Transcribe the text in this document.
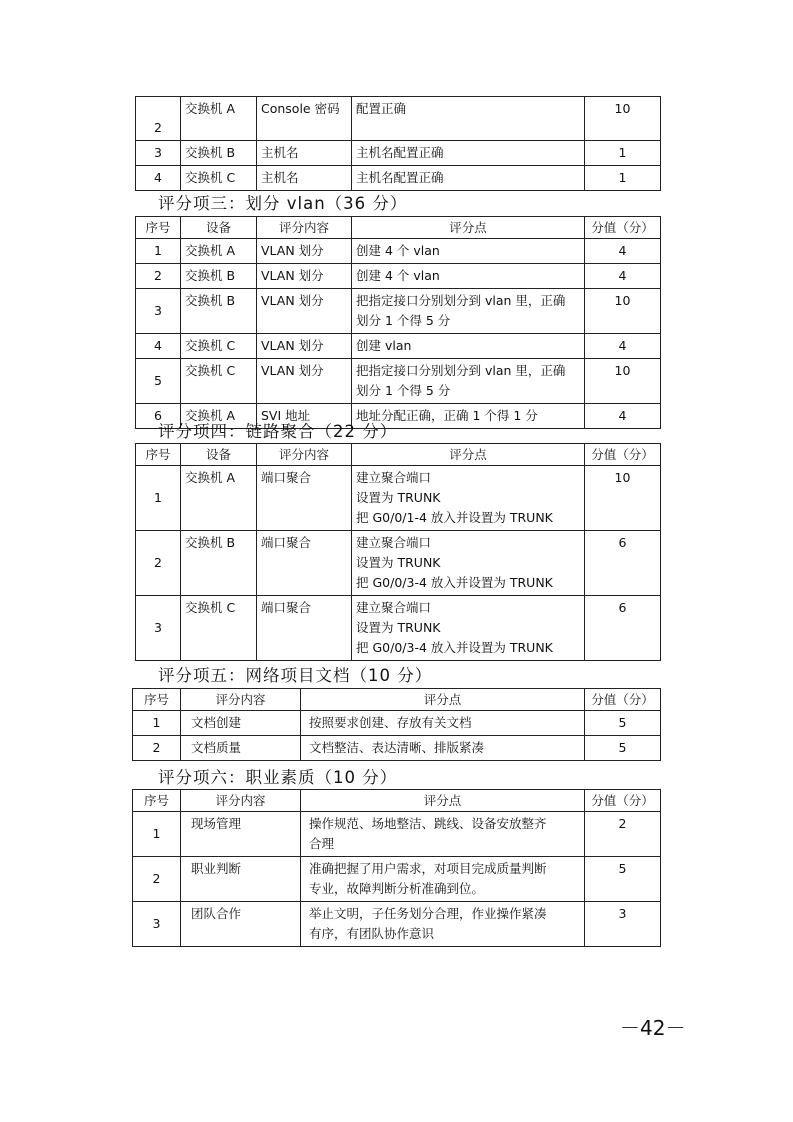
2	交换机 A	Console 密码	配置正确	10
3	交换机 B	主机名	主机名配置正确	1
4	交换机 C	主机名	主机名配置正确	1
评分项三：划分 vlan（36 分）
序号	设备	评分内容	评分点	分值（分）
1	交换机 A	VLAN 划分	创建 4 个 vlan	4
2	交换机 B	VLAN 划分	创建 4 个 vlan	4
3	交换机 B	VLAN 划分	把指定接口分别划分到 vlan 里，正确
划分 1 个得 5 分	10
4	交换机 C	VLAN 划分	创建 vlan	4
5	交换机 C	VLAN 划分	把指定接口分别划分到 vlan 里，正确
划分 1 个得 5 分	10
6	交换机 A	SVI 地址	地址分配正确，正确 1 个得 1 分	4
评分项四：链路聚合（22 分）
序号	设备	评分内容	评分点	分值（分）
1	交换机 A	端口聚合	建立聚合端口
设置为 TRUNK
把 G0/0/1-4 放入并设置为 TRUNK	10
2	交换机 B	端口聚合	建立聚合端口
设置为 TRUNK
把 G0/0/3-4 放入并设置为 TRUNK	6
3	交换机 C	端口聚合	建立聚合端口
设置为 TRUNK
把 G0/0/3-4 放入并设置为 TRUNK	6
评分项五：网络项目文档（10 分）
序号	评分内容	评分点	分值（分）
1	文档创建	按照要求创建、存放有关文档	5
2	文档质量	文档整洁、表达清晰、排版紧凑	5
评分项六：职业素质（10 分）
序号	评分内容	评分点	分值（分）
1	现场管理	操作规范、场地整洁、跳线、设备安放整齐
合理	2
2	职业判断	准确把握了用户需求，对项目完成质量判断
专业，故障判断分析准确到位。	5
3	团队合作	举止文明，子任务划分合理，作业操作紧凑
有序，有团队协作意识	3
－42－
